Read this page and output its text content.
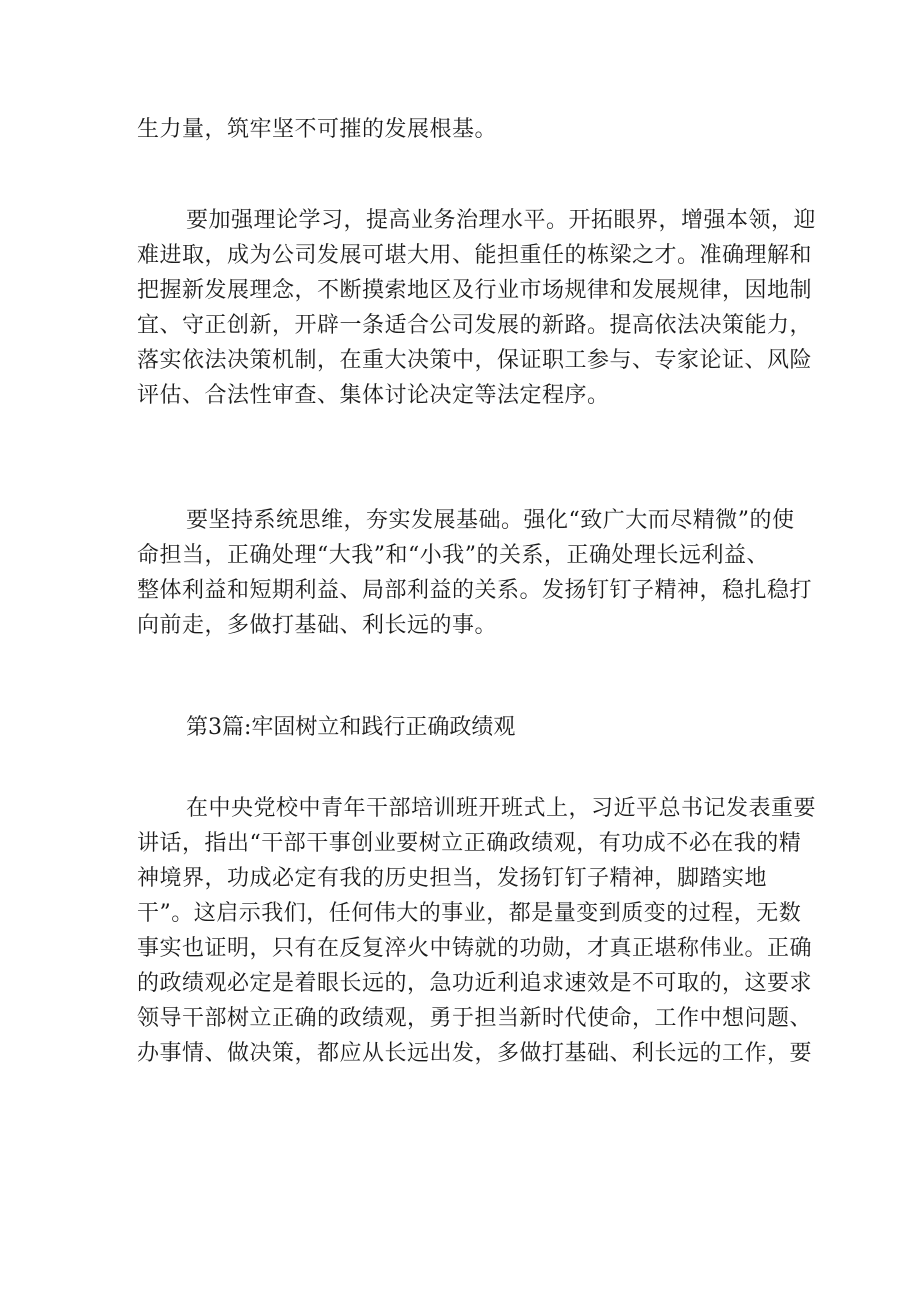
生力量，筑牢坚不可摧的发展根基。

要加强理论学习，提高业务治理水平。开拓眼界，增强本领，迎
难进取，成为公司发展可堪大用、能担重任的栋梁之才。准确理解和
把握新发展理念，不断摸索地区及行业市场规律和发展规律，因地制
宜、守正创新，开辟一条适合公司发展的新路。提高依法决策能力，
落实依法决策机制，在重大决策中，保证职工参与、专家论证、风险
评估、合法性审查、集体讨论决定等法定程序。

要坚持系统思维，夯实发展基础。强化“致广大而尽精微”的使
命担当，正确处理“大我”和“小我”的关系，正确处理长远利益、
整体利益和短期利益、局部利益的关系。发扬钉钉子精神，稳扎稳打
向前走，多做打基础、利长远的事。

第3篇:牢固树立和践行正确政绩观

在中央党校中青年干部培训班开班式上，习近平总书记发表重要
讲话，指出“干部干事创业要树立正确政绩观，有功成不必在我的精
神境界，功成必定有我的历史担当，发扬钉钉子精神，脚踏实地
干”。这启示我们，任何伟大的事业，都是量变到质变的过程，无数
事实也证明，只有在反复淬火中铸就的功勋，才真正堪称伟业。正确
的政绩观必定是着眼长远的，急功近利追求速效是不可取的，这要求
领导干部树立正确的政绩观，勇于担当新时代使命，工作中想问题、
办事情、做决策，都应从长远出发，多做打基础、利长远的工作，要
